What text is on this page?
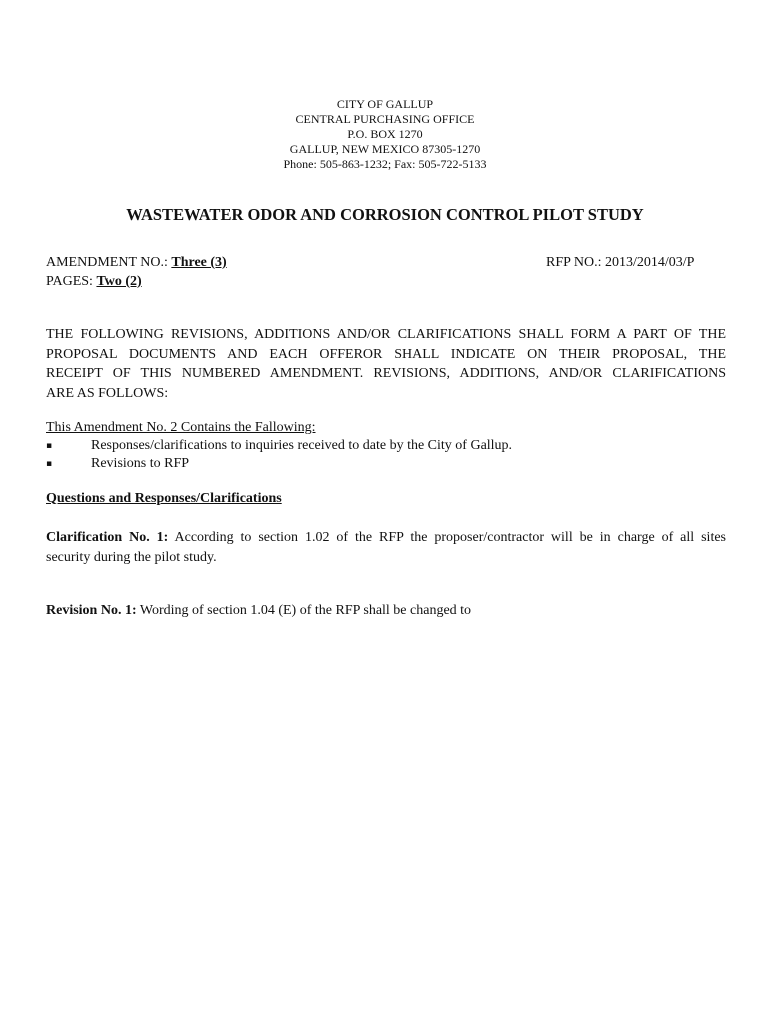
CITY OF GALLUP
CENTRAL PURCHASING OFFICE
P.O. BOX 1270
GALLUP, NEW MEXICO 87305-1270
Phone: 505-863-1232; Fax: 505-722-5133
WASTEWATER ODOR AND CORROSION CONTROL PILOT STUDY
AMENDMENT NO.: Three (3)	RFP NO.: 2013/2014/03/P
PAGES: Two (2)
THE FOLLOWING REVISIONS, ADDITIONS AND/OR CLARIFICATIONS SHALL FORM A PART OF THE
PROPOSAL DOCUMENTS AND EACH OFFEROR SHALL INDICATE ON THEIR PROPOSAL, THE
RECEIPT OF THIS NUMBERED AMENDMENT. REVISIONS, ADDITIONS, AND/OR CLARIFICATIONS
ARE AS FOLLOWS:
This Amendment No. 2 Contains the Fallowing:
▪	Responses/clarifications to inquiries received to date by the City of Gallup.
▪	Revisions to RFP
Questions and Responses/Clarifications
Clarification No. 1: According to section 1.02 of the RFP the proposer/contractor will be in charge of all sites
security during the pilot study.
Revision No. 1: Wording of section 1.04 (E) of the RFP shall be changed to
